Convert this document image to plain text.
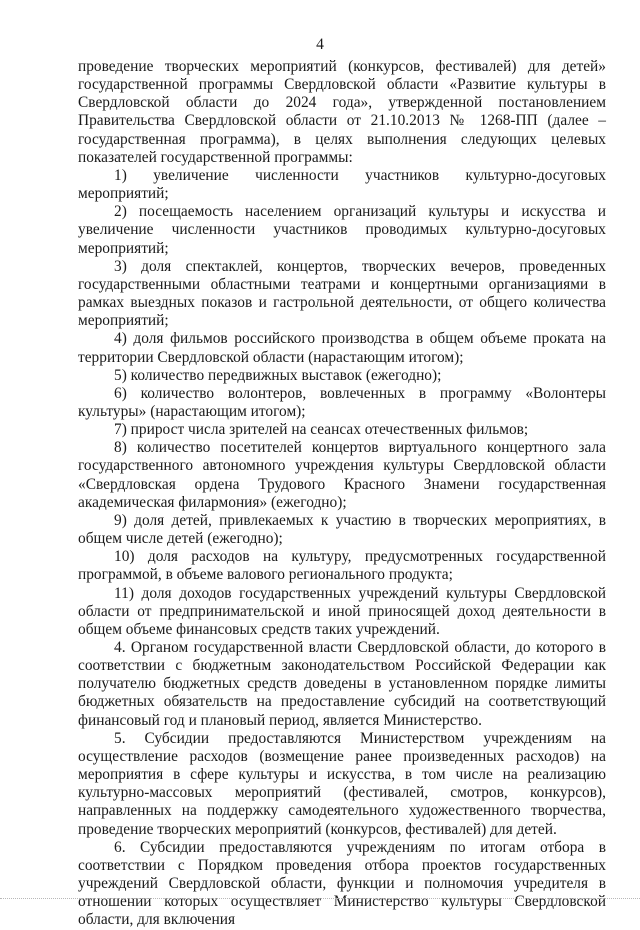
4

проведение творческих мероприятий (конкурсов, фестивалей) для детей» государственной программы Свердловской области «Развитие культуры в Свердловской области до 2024 года», утвержденной постановлением Правительства Свердловской области от 21.10.2013 № 1268-ПП (далее – государственная программа), в целях выполнения следующих целевых показателей государственной программы:

1) увеличение численности участников культурно-досуговых мероприятий;

2) посещаемость населением организаций культуры и искусства и увеличение численности участников проводимых культурно-досуговых мероприятий;

3) доля спектаклей, концертов, творческих вечеров, проведенных государственными областными театрами и концертными организациями в рамках выездных показов и гастрольной деятельности, от общего количества мероприятий;

4) доля фильмов российского производства в общем объеме проката на территории Свердловской области (нарастающим итогом);

5) количество передвижных выставок (ежегодно);

6) количество волонтеров, вовлеченных в программу «Волонтеры культуры» (нарастающим итогом);

7) прирост числа зрителей на сеансах отечественных фильмов;

8) количество посетителей концертов виртуального концертного зала государственного автономного учреждения культуры Свердловской области «Свердловская ордена Трудового Красного Знамени государственная академическая филармония» (ежегодно);

9) доля детей, привлекаемых к участию в творческих мероприятиях, в общем числе детей (ежегодно);

10) доля расходов на культуру, предусмотренных государственной программой, в объеме валового регионального продукта;

11) доля доходов государственных учреждений культуры Свердловской области от предпринимательской и иной приносящей доход деятельности в общем объеме финансовых средств таких учреждений.

4. Органом государственной власти Свердловской области, до которого в соответствии с бюджетным законодательством Российской Федерации как получателю бюджетных средств доведены в установленном порядке лимиты бюджетных обязательств на предоставление субсидий на соответствующий финансовый год и плановый период, является Министерство.

5. Субсидии предоставляются Министерством учреждениям на осуществление расходов (возмещение ранее произведенных расходов) на мероприятия в сфере культуры и искусства, в том числе на реализацию культурно-массовых мероприятий (фестивалей, смотров, конкурсов), направленных на поддержку самодеятельного художественного творчества, проведение творческих мероприятий (конкурсов, фестивалей) для детей.

6. Субсидии предоставляются учреждениям по итогам отбора в соответствии с Порядком проведения отбора проектов государственных учреждений Свердловской области, функции и полномочия учредителя в отношении которых осуществляет Министерство культуры Свердловской области, для включения
